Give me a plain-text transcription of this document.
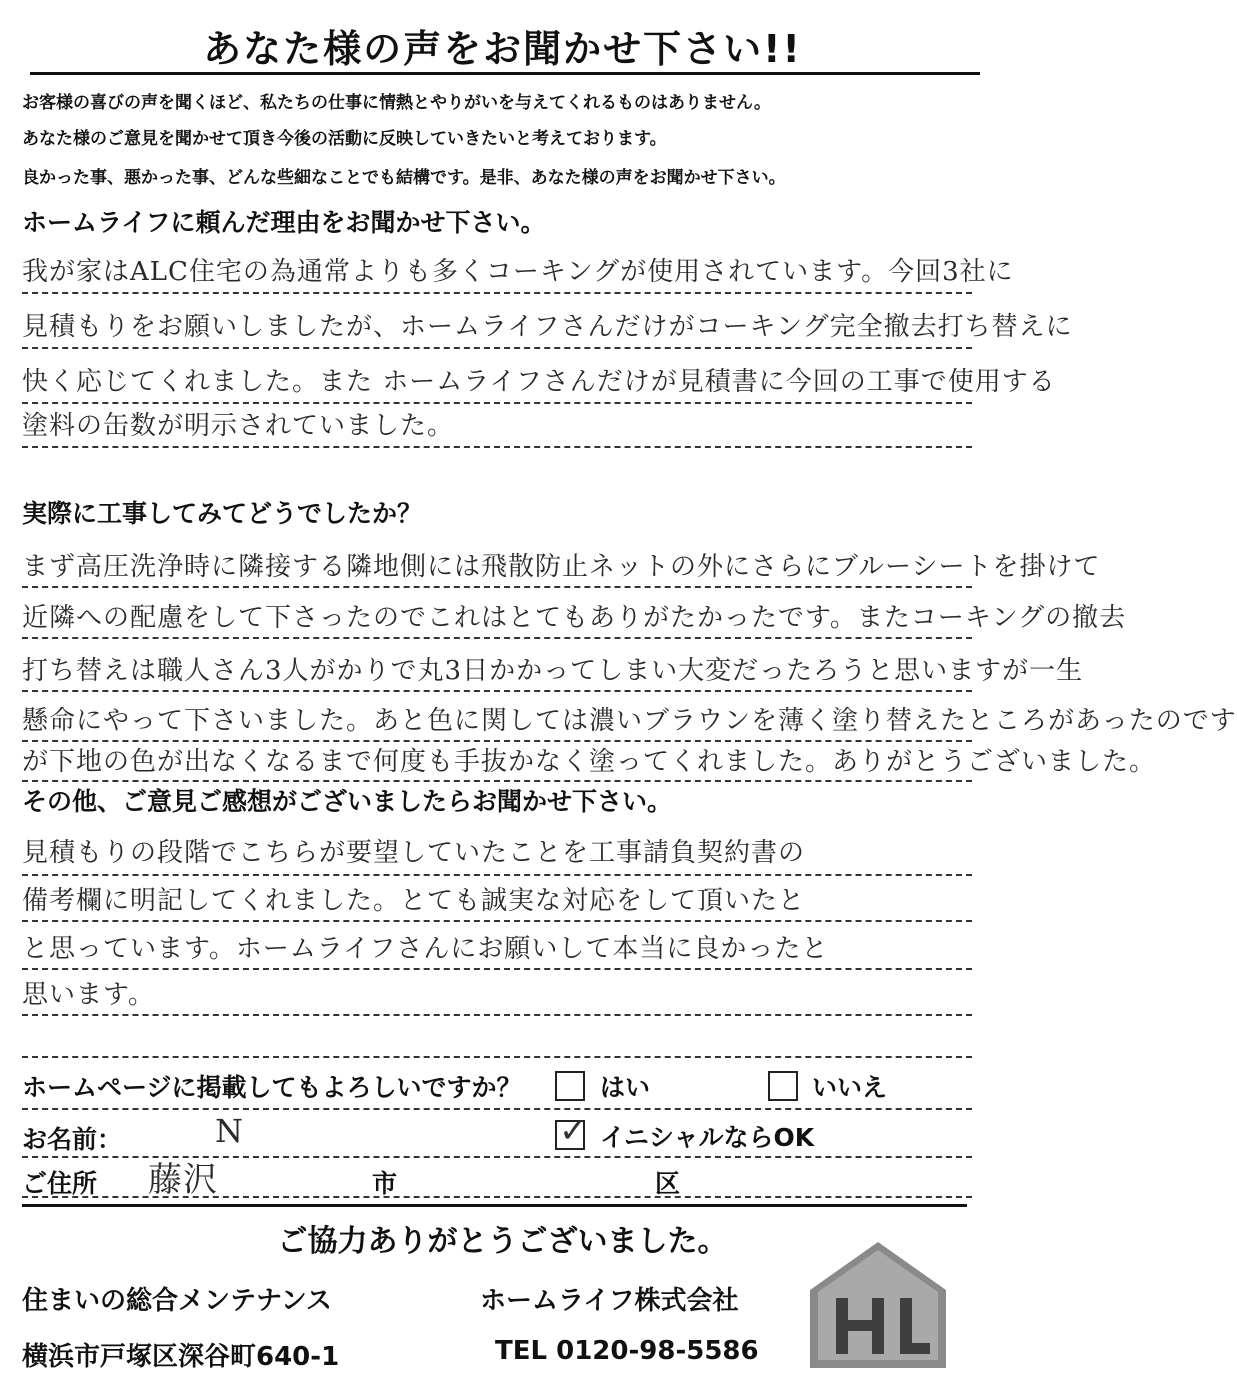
あなた様の声をお聞かせ下さい!!
お客様の喜びの声を聞くほど、私たちの仕事に情熱とやりがいを与えてくれるものはありません。
あなた様のご意見を聞かせて頂き今後の活動に反映していきたいと考えております。
良かった事、悪かった事、どんな些細なことでも結構です。是非、あなた様の声をお聞かせ下さい。
ホームライフに頼んだ理由をお聞かせ下さい。
我が家はALC住宅の為通常よりも多くコーキングが使用されています。今回3社に
見積もりをお願いしましたが、ホームライフさんだけがコーキング完全撤去打ち替えに
快く応じてくれました。また ホームライフさんだけが見積書に今回の工事で使用する
塗料の缶数が明示されていました。
実際に工事してみてどうでしたか？
まず高圧洗浄時に隣接する隣地側には飛散防止ネットの外にさらにブルーシートを掛けて
近隣への配慮をして下さったのでこれはとてもありがたかったです。またコーキングの撤去
打ち替えは職人さん3人がかりで丸3日かかってしまい大変だったろうと思いますが一生
懸命にやって下さいました。あと色に関しては濃いブラウンを薄く塗り替えたところがあったのです
が下地の色が出なくなるまで何度も手抜かなく塗ってくれました。ありがとうございました。
その他、ご意見ご感想がございましたらお聞かせ下さい。
見積もりの段階でこちらが要望していたことを工事請負契約書の
備考欄に明記してくれました。とても誠実な対応をして頂いたと
と思っています。ホームライフさんにお願いして本当に良かったと
思います。
ホームページに掲載してもよろしいですか？	はい	いいえ
お名前：	N	✓ イニシャルならOK
ご住所 藤沢	市	区
ご協力ありがとうございました。
住まいの総合メンテナンス	ホームライフ株式会社
横浜市戸塚区深谷町640-1	TEL 0120-98-5586
